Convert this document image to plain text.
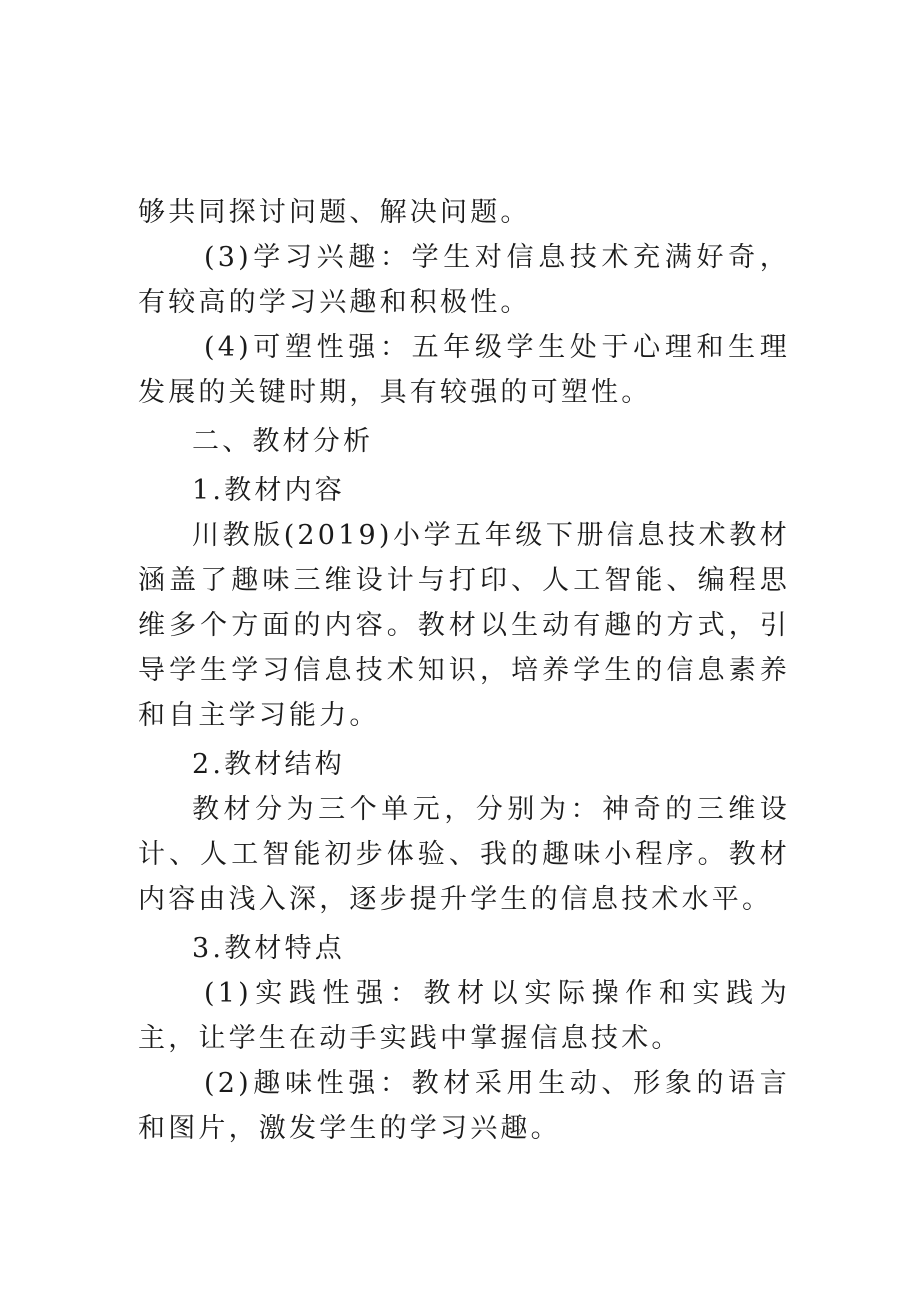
够共同探讨问题、解决问题。

(3)学习兴趣：学生对信息技术充满好奇，有较高的学习兴趣和积极性。

(4)可塑性强：五年级学生处于心理和生理发展的关键时期，具有较强的可塑性。

二、教材分析

1.教材内容

川教版(2019)小学五年级下册信息技术教材涵盖了趣味三维设计与打印、人工智能、编程思维多个方面的内容。教材以生动有趣的方式，引导学生学习信息技术知识，培养学生的信息素养和自主学习能力。

2.教材结构

教材分为三个单元，分别为：神奇的三维设计、人工智能初步体验、我的趣味小程序。教材内容由浅入深，逐步提升学生的信息技术水平。

3.教材特点

(1)实践性强：教材以实际操作和实践为主，让学生在动手实践中掌握信息技术。

(2)趣味性强：教材采用生动、形象的语言和图片，激发学生的学习兴趣。
